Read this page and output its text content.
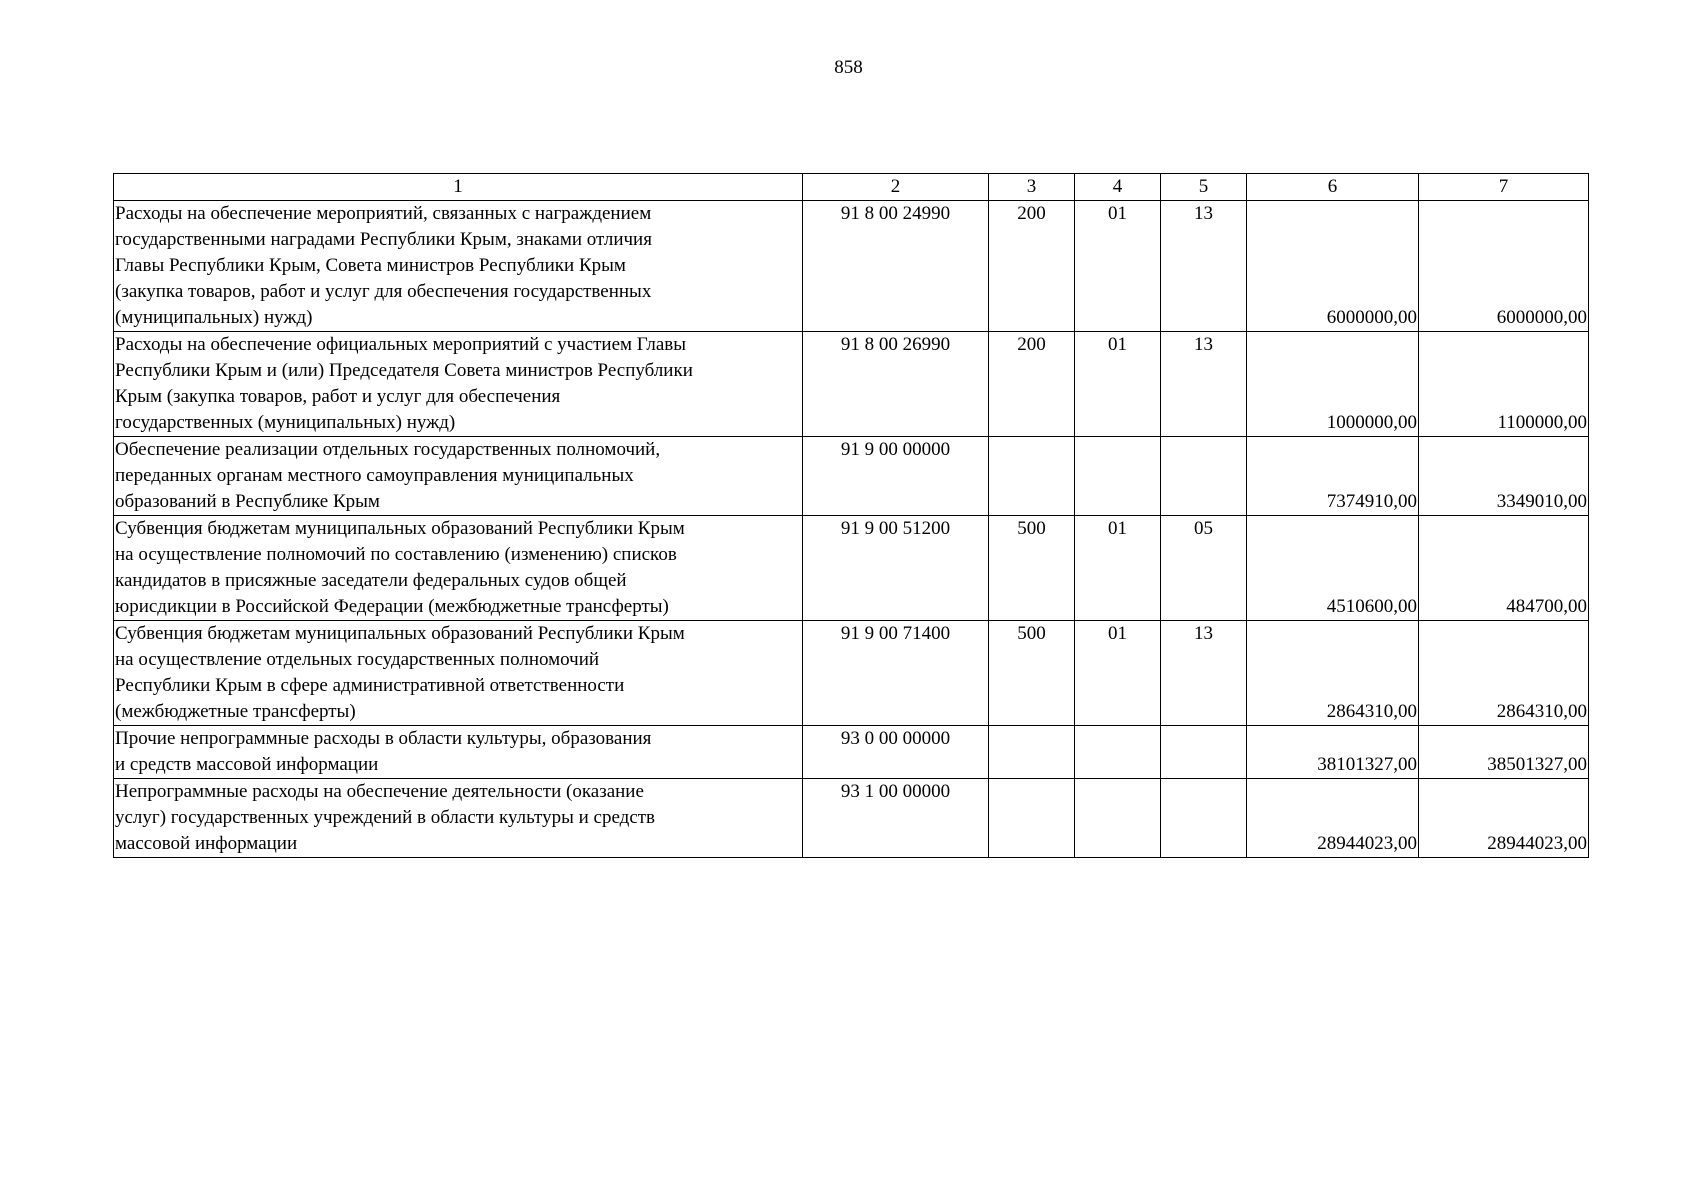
858
1	2	3	4	5	6	7

Расходы на обеспечение мероприятий, связанных с награждением
государственными наградами Республики Крым, знаками отличия
Главы Республики Крым, Совета министров Республики Крым
(закупка товаров, работ и услуг для обеспечения государственных
(муниципальных) нужд)	91 8 00 24990	200	01	13	6000000,00	6000000,00

Расходы на обеспечение официальных мероприятий с участием Главы
Республики Крым и (или) Председателя Совета министров Республики
Крым (закупка товаров, работ и услуг для обеспечения
государственных (муниципальных) нужд)	91 8 00 26990	200	01	13	1000000,00	1100000,00

Обеспечение реализации отдельных государственных полномочий,
переданных органам местного самоуправления муниципальных
образований в Республике Крым	91 9 00 00000				7374910,00	3349010,00

Субвенция бюджетам муниципальных образований Республики Крым
на осуществление полномочий по составлению (изменению) списков
кандидатов в присяжные заседатели федеральных судов общей
юрисдикции в Российской Федерации (межбюджетные трансферты)	91 9 00 51200	500	01	05	4510600,00	484700,00

Субвенция бюджетам муниципальных образований Республики Крым
на осуществление отдельных государственных полномочий
Республики Крым в сфере административной ответственности
(межбюджетные трансферты)	91 9 00 71400	500	01	13	2864310,00	2864310,00

Прочие непрограммные расходы в области культуры, образования
и средств массовой информации	93 0 00 00000				38101327,00	38501327,00

Непрограммные расходы на обеспечение деятельности (оказание
услуг) государственных учреждений в области культуры и средств
массовой информации	93 1 00 00000				28944023,00	28944023,00
